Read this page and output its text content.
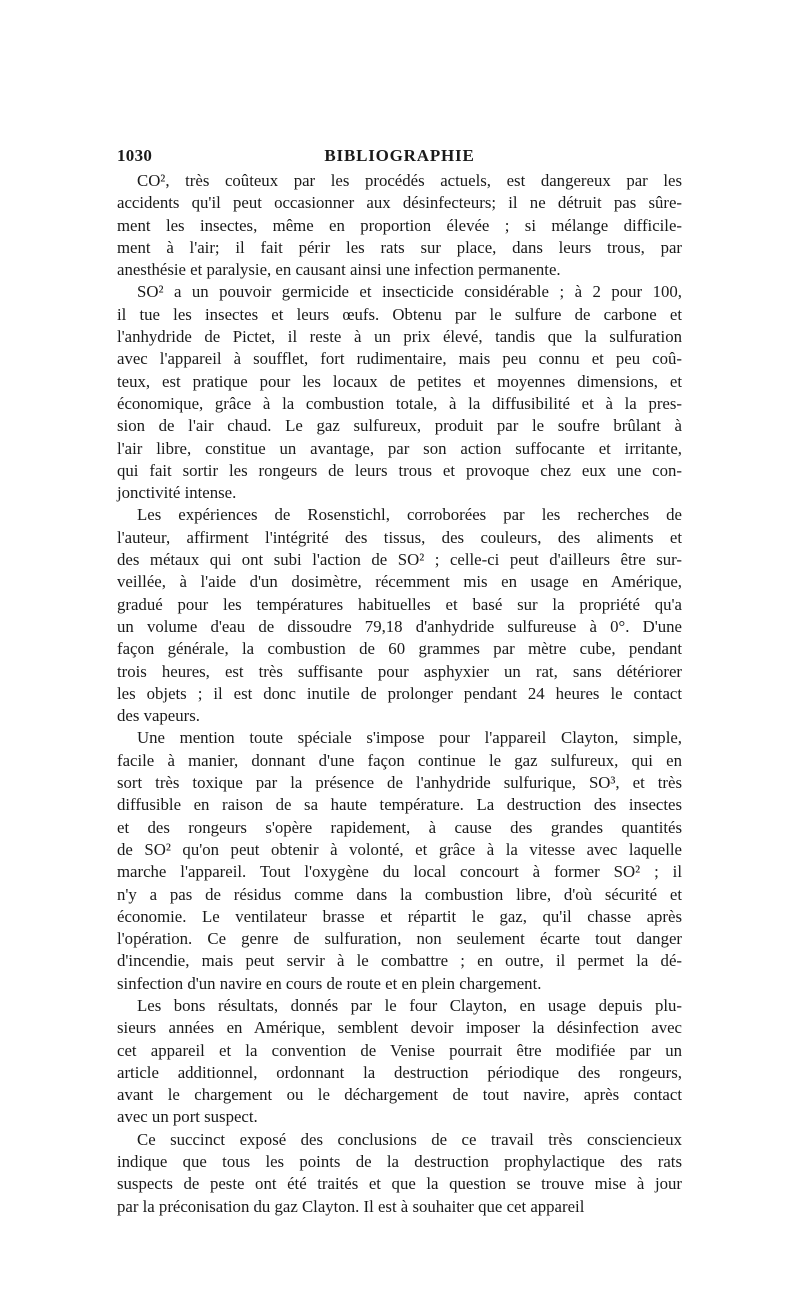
1030	BIBLIOGRAPHIE

CO², très coûteux par les procédés actuels, est dangereux par les
accidents qu'il peut occasionner aux désinfecteurs; il ne détruit pas sûre-
ment les insectes, même en proportion élevée ; si mélange difficile-
ment à l'air; il fait périr les rats sur place, dans leurs trous, par
anesthésie et paralysie, en causant ainsi une infection permanente.

SO² a un pouvoir germicide et insecticide considérable ; à 2 pour 100,
il tue les insectes et leurs œufs. Obtenu par le sulfure de carbone et
l'anhydride de Pictet, il reste à un prix élevé, tandis que la sulfuration
avec l'appareil à soufflet, fort rudimentaire, mais peu connu et peu coû-
teux, est pratique pour les locaux de petites et moyennes dimensions, et
économique, grâce à la combustion totale, à la diffusibilité et à la pres-
sion de l'air chaud. Le gaz sulfureux, produit par le soufre brûlant à
l'air libre, constitue un avantage, par son action suffocante et irritante,
qui fait sortir les rongeurs de leurs trous et provoque chez eux une con-
jonctivité intense.

Les expériences de Rosenstichl, corroborées par les recherches de
l'auteur, affirment l'intégrité des tissus, des couleurs, des aliments et
des métaux qui ont subi l'action de SO² ; celle-ci peut d'ailleurs être sur-
veillée, à l'aide d'un dosimètre, récemment mis en usage en Amérique,
gradué pour les températures habituelles et basé sur la propriété qu'a
un volume d'eau de dissoudre 79,18 d'anhydride sulfureuse à 0°. D'une
façon générale, la combustion de 60 grammes par mètre cube, pendant
trois heures, est très suffisante pour asphyxier un rat, sans détériorer
les objets ; il est donc inutile de prolonger pendant 24 heures le contact
des vapeurs.

Une mention toute spéciale s'impose pour l'appareil Clayton, simple,
facile à manier, donnant d'une façon continue le gaz sulfureux, qui en
sort très toxique par la présence de l'anhydride sulfurique, SO³, et très
diffusible en raison de sa haute température. La destruction des insectes
et des rongeurs s'opère rapidement, à cause des grandes quantités
de SO² qu'on peut obtenir à volonté, et grâce à la vitesse avec laquelle
marche l'appareil. Tout l'oxygène du local concourt à former SO² ; il
n'y a pas de résidus comme dans la combustion libre, d'où sécurité et
économie. Le ventilateur brasse et répartit le gaz, qu'il chasse après
l'opération. Ce genre de sulfuration, non seulement écarte tout danger
d'incendie, mais peut servir à le combattre ; en outre, il permet la dé-
sinfection d'un navire en cours de route et en plein chargement.

Les bons résultats, donnés par le four Clayton, en usage depuis plu-
sieurs années en Amérique, semblent devoir imposer la désinfection avec
cet appareil et la convention de Venise pourrait être modifiée par un
article additionnel, ordonnant la destruction périodique des rongeurs,
avant le chargement ou le déchargement de tout navire, après contact
avec un port suspect.

Ce succinct exposé des conclusions de ce travail très consciencieux
indique que tous les points de la destruction prophylactique des rats
suspects de peste ont été traités et que la question se trouve mise à jour
par la préconisation du gaz Clayton. Il est à souhaiter que cet appareil
